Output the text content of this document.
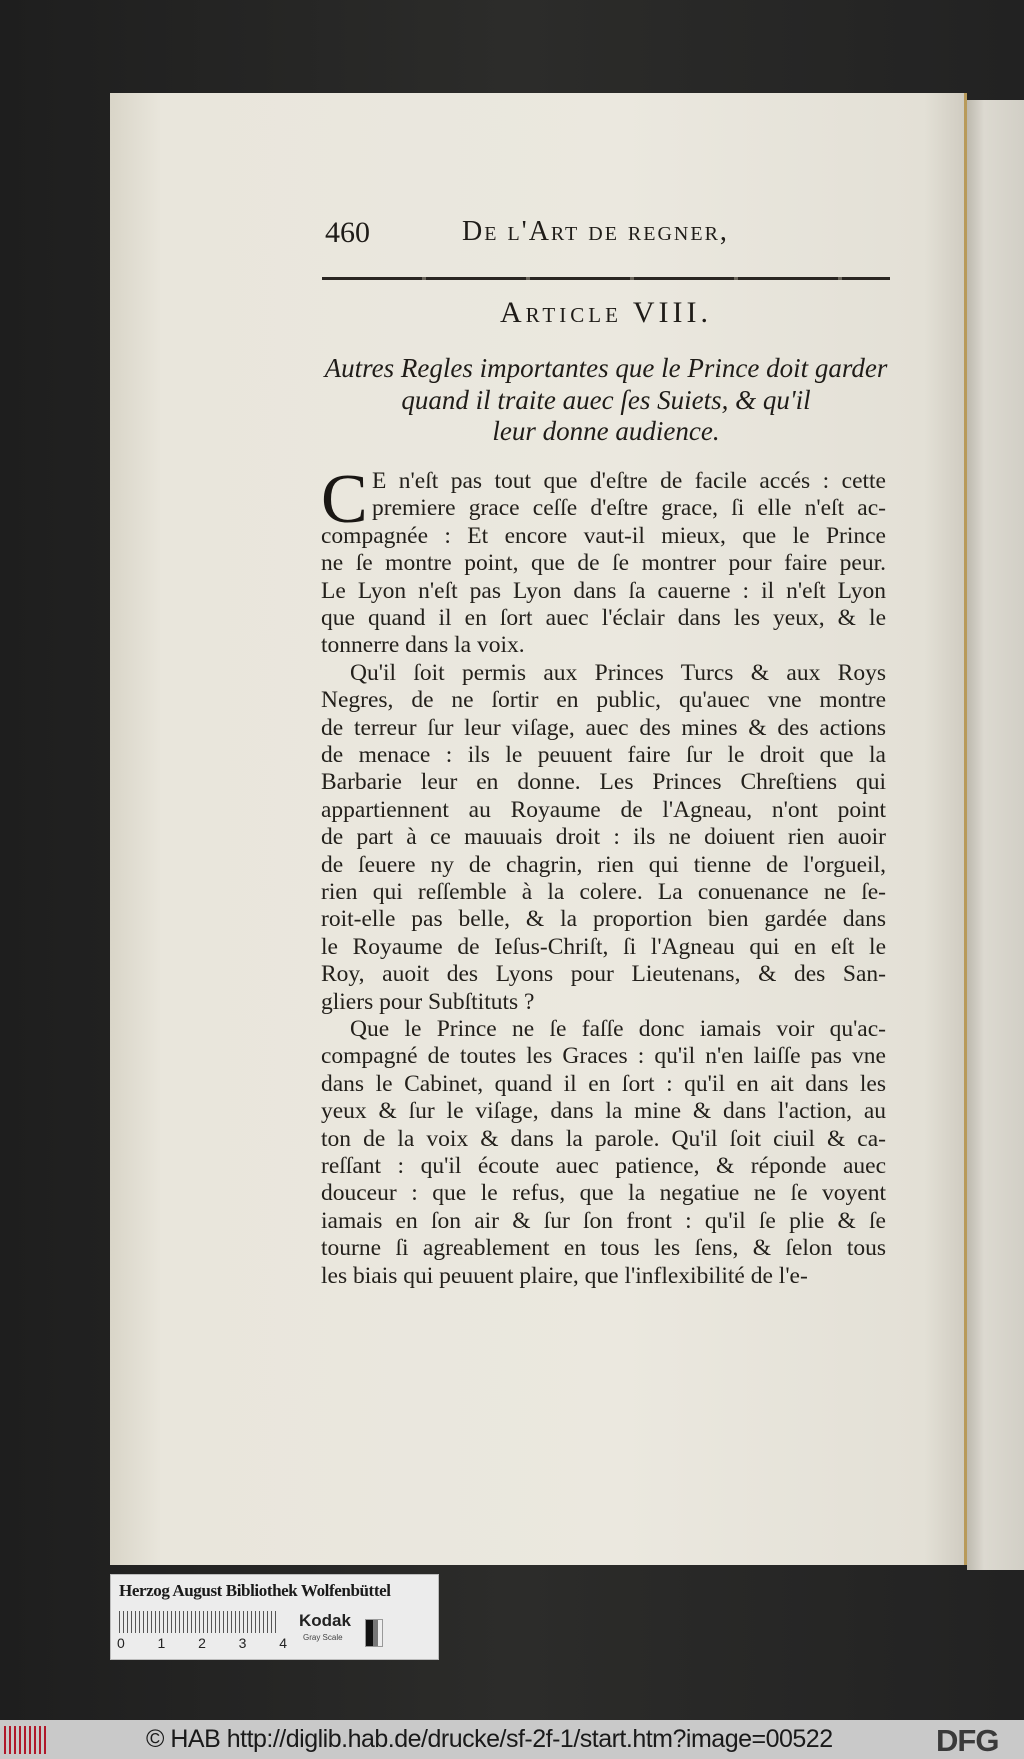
460	De l'Art de regner,
Article VIII.
Autres Regles importantes que le Prince doit garder
quand il traite auec ſes Suiets, & qu'il
leur donne audience.
C E n'eſt pas tout que d'eſtre de facile accés : cette
premiere grace ceſſe d'eſtre grace, ſi elle n'eſt ac-
compagnée : Et encore vaut-il mieux, que le Prince
ne ſe montre point, que de ſe montrer pour faire peur.
Le Lyon n'eſt pas Lyon dans ſa cauerne : il n'eſt Lyon
que quand il en ſort auec l'éclair dans les yeux, & le
tonnerre dans la voix.
Qu'il ſoit permis aux Princes Turcs & aux Roys
Negres, de ne ſortir en public, qu'auec vne montre
de terreur ſur leur viſage, auec des mines & des actions
de menace : ils le peuuent faire ſur le droit que la
Barbarie leur en donne. Les Princes Chreſtiens qui
appartiennent au Royaume de l'Agneau, n'ont point
de part à ce mauuais droit : ils ne doiuent rien auoir
de ſeuere ny de chagrin, rien qui tienne de l'orgueil,
rien qui reſſemble à la colere. La conuenance ne ſe-
roit-elle pas belle, & la proportion bien gardée dans
le Royaume de Ieſus-Chriſt, ſi l'Agneau qui en eſt le
Roy, auoit des Lyons pour Lieutenans, & des San-
gliers pour Subſtituts ?
Que le Prince ne ſe faſſe donc iamais voir qu'ac-
compagné de toutes les Graces : qu'il n'en laiſſe pas vne
dans le Cabinet, quand il en ſort : qu'il en ait dans les
yeux & ſur le viſage, dans la mine & dans l'action, au
ton de la voix & dans la parole. Qu'il ſoit ciuil & ca-
reſſant : qu'il écoute auec patience, & réponde auec
douceur : que le refus, que la negatiue ne ſe voyent
iamais en ſon air & ſur ſon front : qu'il ſe plie & ſe
tourne ſi agreablement en tous les ſens, & ſelon tous
les biais qui peuuent plaire, que l'inflexibilité de l'e-
Herzog August Bibliothek Wolfenbüttel
0 1 2 3 4
Kodak
Gray Scale
© HAB http://diglib.hab.de/drucke/sf-2f-1/start.htm?image=00522	DFG
